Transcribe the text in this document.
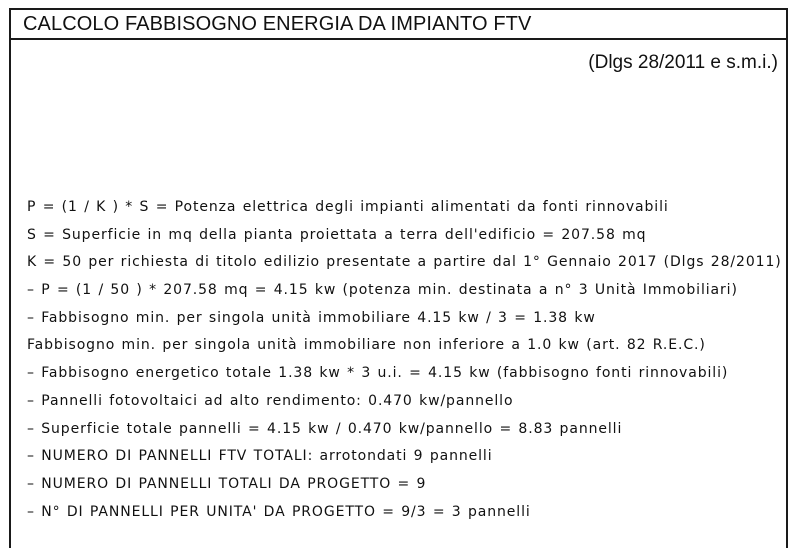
CALCOLO FABBISOGNO ENERGIA DA IMPIANTO FTV
(Dlgs 28/2011 e s.m.i.)
P = (1 / K ) * S = Potenza elettrica degli impianti alimentati da fonti rinnovabili
S = Superficie in mq della pianta proiettata a terra dell'edificio = 207.58 mq
K = 50 per richiesta di titolo edilizio presentate a partire dal 1° Gennaio 2017 (Dlgs 28/2011)
– P = (1 / 50 ) * 207.58 mq = 4.15 kw (potenza min. destinata a n° 3 Unità Immobiliari)
– Fabbisogno min. per singola unità immobiliare 4.15 kw / 3 = 1.38 kw
Fabbisogno min. per singola unità immobiliare non inferiore a 1.0 kw (art. 82 R.E.C.)
– Fabbisogno energetico totale 1.38 kw * 3 u.i. = 4.15 kw (fabbisogno fonti rinnovabili)
– Pannelli fotovoltaici ad alto rendimento: 0.470 kw/pannello
– Superficie totale pannelli = 4.15 kw / 0.470 kw/pannello = 8.83 pannelli
– NUMERO DI PANNELLI FTV TOTALI: arrotondati 9 pannelli
– NUMERO DI PANNELLI TOTALI DA PROGETTO = 9
– N° DI PANNELLI PER UNITA' DA PROGETTO = 9/3 = 3 pannelli
